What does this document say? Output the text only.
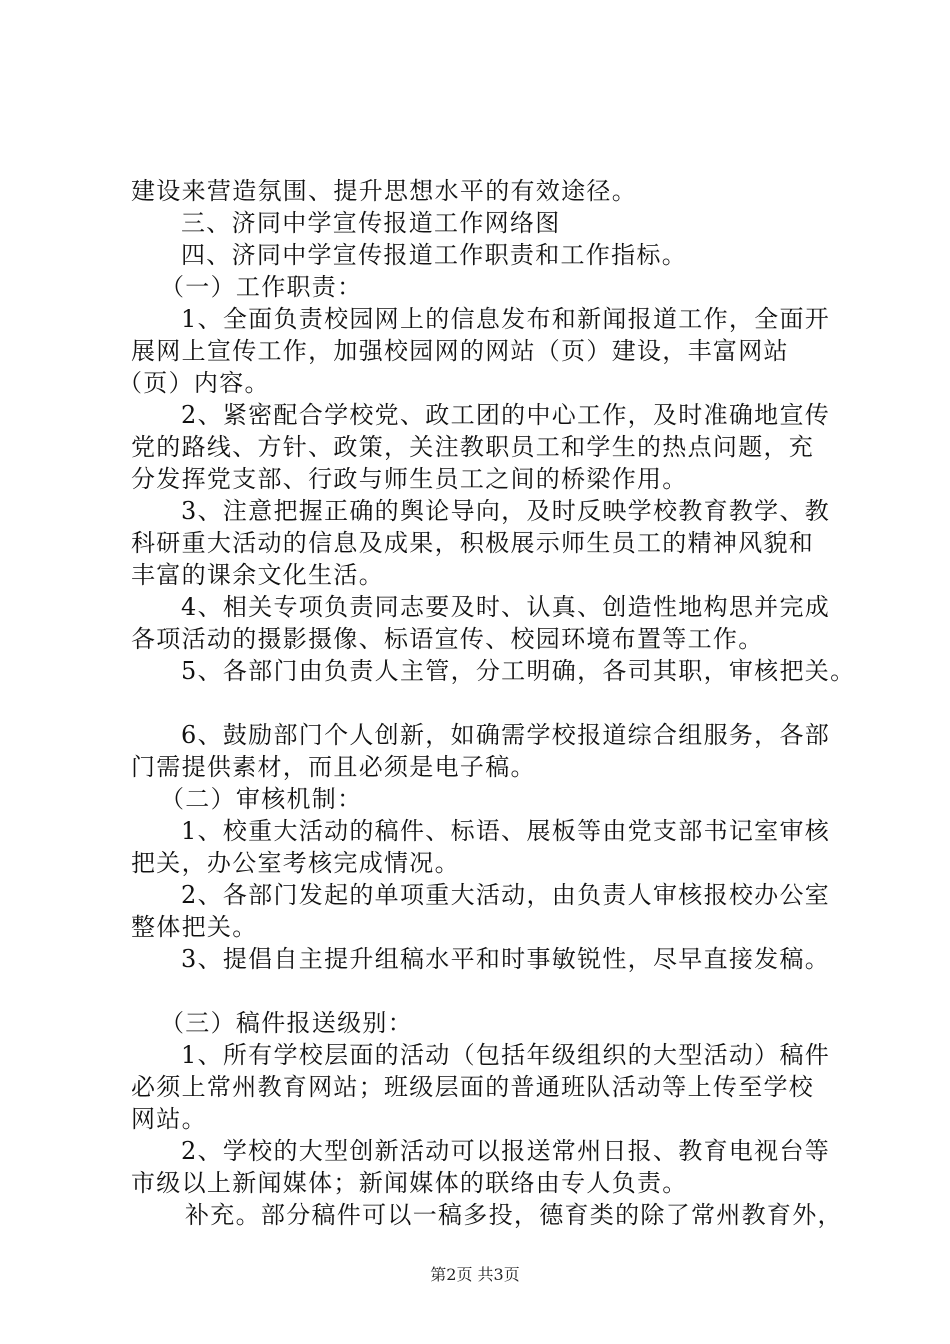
建设来营造氛围、提升思想水平的有效途径。
三、济同中学宣传报道工作网络图
四、济同中学宣传报道工作职责和工作指标。
（一）工作职责：
1、全面负责校园网上的信息发布和新闻报道工作，全面开
展网上宣传工作，加强校园网的网站（页）建设，丰富网站
（页）内容。
2、紧密配合学校党、政工团的中心工作，及时准确地宣传
党的路线、方针、政策，关注教职员工和学生的热点问题，充
分发挥党支部、行政与师生员工之间的桥梁作用。
3、注意把握正确的舆论导向，及时反映学校教育教学、教
科研重大活动的信息及成果，积极展示师生员工的精神风貌和
丰富的课余文化生活。
4、相关专项负责同志要及时、认真、创造性地构思并完成
各项活动的摄影摄像、标语宣传、校园环境布置等工作。
5、各部门由负责人主管，分工明确，各司其职，审核把关。
6、鼓励部门个人创新，如确需学校报道综合组服务，各部
门需提供素材，而且必须是电子稿。
（二）审核机制：
1、校重大活动的稿件、标语、展板等由党支部书记室审核
把关，办公室考核完成情况。
2、各部门发起的单项重大活动，由负责人审核报校办公室
整体把关。
3、提倡自主提升组稿水平和时事敏锐性，尽早直接发稿。
（三）稿件报送级别：
1、所有学校层面的活动（包括年级组织的大型活动）稿件
必须上常州教育网站；班级层面的普通班队活动等上传至学校
网站。
2、学校的大型创新活动可以报送常州日报、教育电视台等
市级以上新闻媒体；新闻媒体的联络由专人负责。
补充。部分稿件可以一稿多投，德育类的除了常州教育外，
第2页 共3页
